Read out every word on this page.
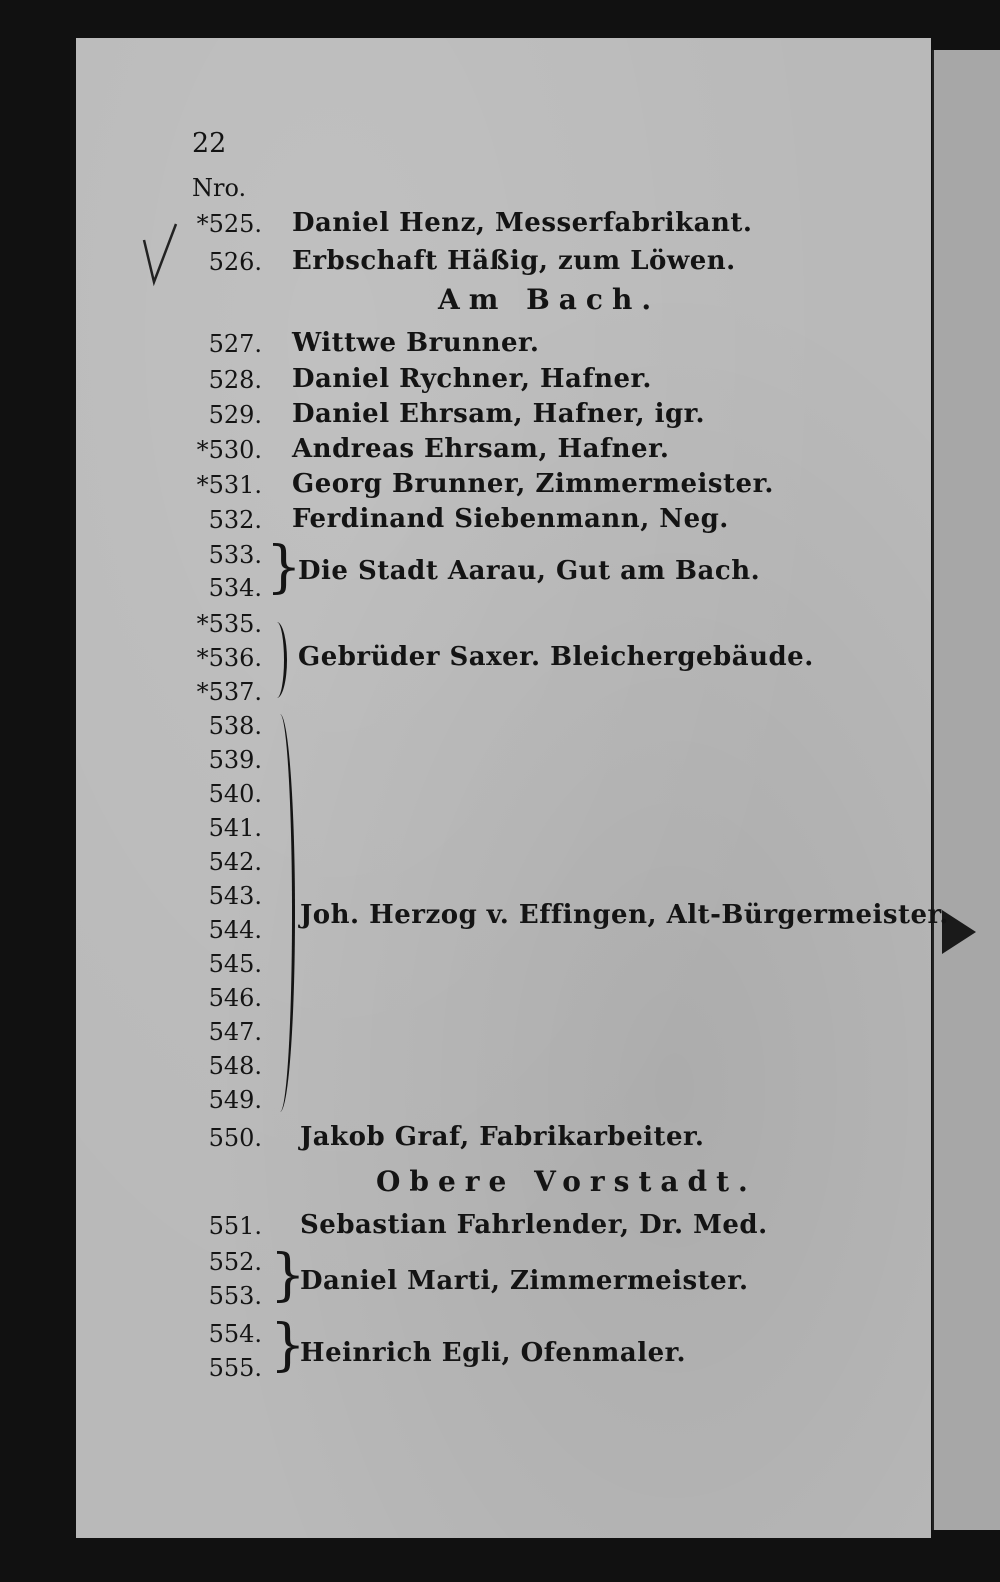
22
Nro.
*525. Daniel Henz, Messerfabrikant.
526. Erbschaft Häßig, zum Löwen.
Am Bach.
527. Wittwe Brunner.
528. Daniel Rychner, Hafner.
529. Daniel Ehrsam, Hafner, igr.
*530. Andreas Ehrsam, Hafner.
*531. Georg Brunner, Zimmermeister.
532. Ferdinand Siebenmann, Neg.
533.
534. }
Die Stadt Aarau, Gut am Bach.
*535.
*536.
*537.
Gebrüder Saxer. Bleichergebäude.
538.
539.
540.
541.
542.
543.
544.
545.
546.
547.
548.
549.
Joh. Herzog v. Effingen, Alt-Bürgermeister.
550. Jakob Graf, Fabrikarbeiter.
Obere Vorstadt.
551. Sebastian Fahrlender, Dr. Med.
552.
553. }
Daniel Marti, Zimmermeister.
554.
555. }
Heinrich Egli, Ofenmaler.
